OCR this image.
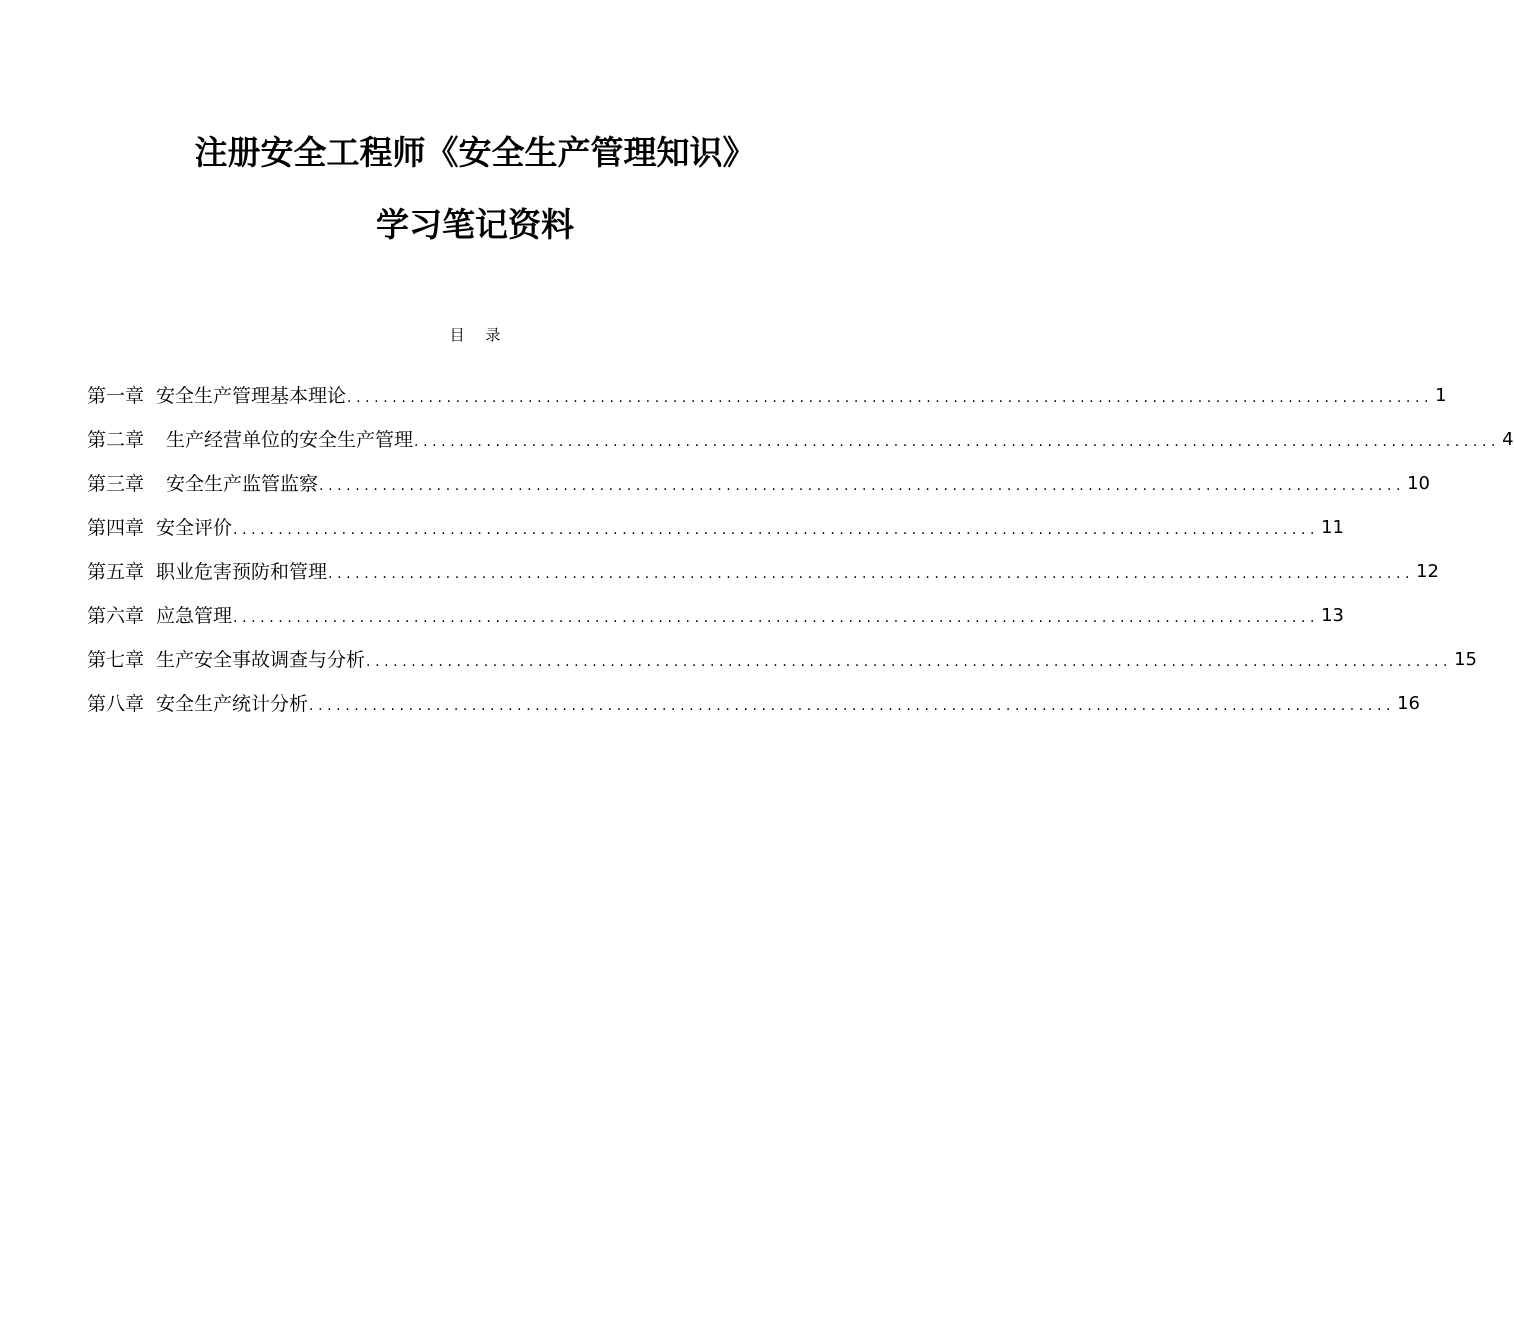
注册安全工程师《安全生产管理知识》
学习笔记资料
目 录
第一章 安全生产管理基本理论 ........................................................................................................................ 1
第二章 生产经营单位的安全生产管理 ........................................................................................................................ 4
第三章 安全生产监管监察 ........................................................................................................................ 10
第四章 安全评价 ........................................................................................................................ 11
第五章 职业危害预防和管理 ........................................................................................................................ 12
第六章 应急管理 ........................................................................................................................ 13
第七章 生产安全事故调查与分析 ........................................................................................................................ 15
第八章 安全生产统计分析 ........................................................................................................................ 16
